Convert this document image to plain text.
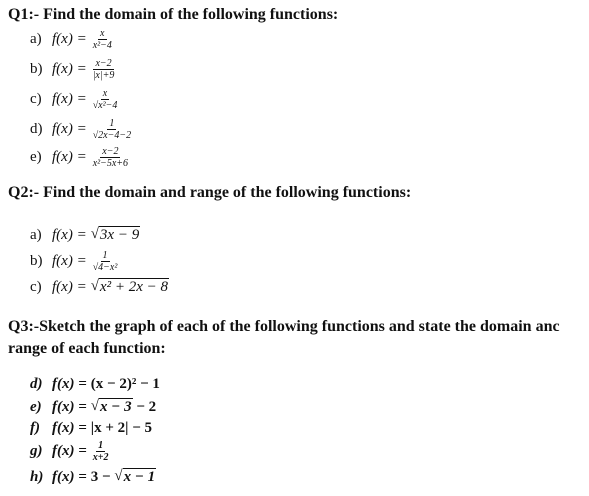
Q1:- Find the domain of the following functions:
a) $f(x) = \frac{x}{\text{x²−4}}$
b) $f(x) = \frac{x-2}{|x|+9}$
c) $f(x) = \frac{x}{\text{√x²−4}}$
d) $f(x) = \frac{1}{√2x-4-2}$
e) $f(x) = \frac{x-2}{\text{x²−5x+6}}$
Q2:- Find the domain and range of the following functions:
a) f(x) = √ 3x − 9
b) $f(x) = \frac{1}{\text{√4−x²}}$
c) f(x) = √ x² + 2x − 8
Q3:-Sketch the graph of each of the following functions and state the domain anc
range of each function:
d) f(x) = (x − 2)² − 1
e) f(x) = √ x − 3 − 2
f) f(x) = |x + 2| − 5
g) $f(x) = \frac{1}{x+2}$
h) f(x) = 3 − √ x − 1
